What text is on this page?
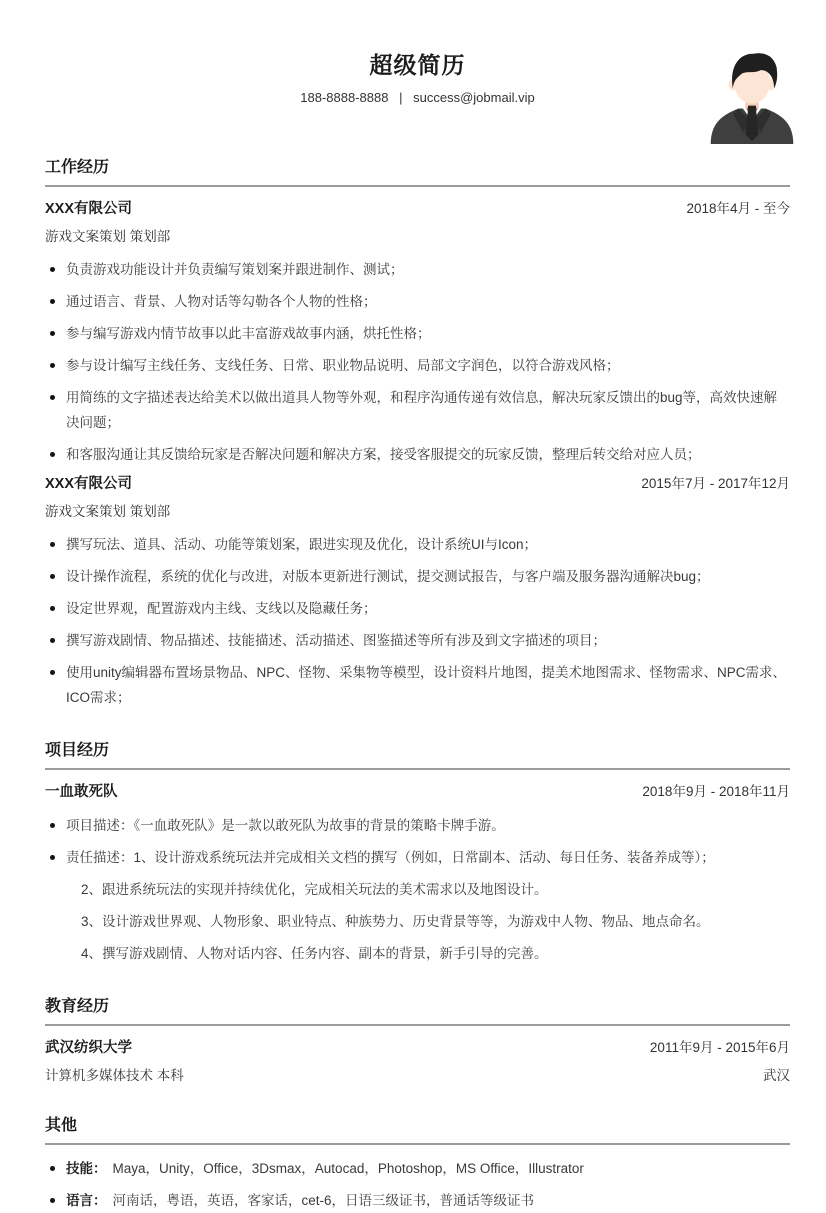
超级简历
188-8888-8888 | success@jobmail.vip
工作经历
XXX有限公司	2018年4月 - 至今
游戏文案策划 策划部
负责游戏功能设计并负责编写策划案并跟进制作、测试；
通过语言、背景、人物对话等勾勒各个人物的性格；
参与编写游戏内情节故事以此丰富游戏故事内涵，烘托性格；
参与设计编写主线任务、支线任务、日常、职业物品说明、局部文字润色，以符合游戏风格；
用简练的文字描述表达给美术以做出道具人物等外观，和程序沟通传递有效信息，解决玩家反馈出的bug等，高效快速解决问题；
和客服沟通让其反馈给玩家是否解决问题和解决方案，接受客服提交的玩家反馈，整理后转交给对应人员；
XXX有限公司	2015年7月 - 2017年12月
游戏文案策划 策划部
撰写玩法、道具、活动、功能等策划案，跟进实现及优化，设计系统UI与Icon；
设计操作流程，系统的优化与改进，对版本更新进行测试，提交测试报告，与客户端及服务器沟通解决bug；
设定世界观，配置游戏内主线、支线以及隐藏任务；
撰写游戏剧情、物品描述、技能描述、活动描述、图鉴描述等所有涉及到文字描述的项目；
使用unity编辑器布置场景物品、NPC、怪物、采集物等模型，设计资料片地图，提美术地图需求、怪物需求、NPC需求、ICO需求；
项目经历
一血敢死队	2018年9月 - 2018年11月
项目描述：《一血敢死队》是一款以敢死队为故事的背景的策略卡牌手游。
责任描述：1、设计游戏系统玩法并完成相关文档的撰写（例如，日常副本、活动、每日任务、装备养成等）；
2、跟进系统玩法的实现并持续优化，完成相关玩法的美术需求以及地图设计。
3、设计游戏世界观、人物形象、职业特点、种族势力、历史背景等等，为游戏中人物、物品、地点命名。
4、撰写游戏剧情、人物对话内容、任务内容、副本的背景，新手引导的完善。
教育经历
武汉纺织大学	2011年9月 - 2015年6月
计算机多媒体技术 本科	武汉
其他
技能： Maya，Unity，Office，3Dsmax，Autocad，Photoshop，MS Office，Illustrator
语言： 河南话，粤语，英语，客家话，cet-6，日语三级证书，普通话等级证书
